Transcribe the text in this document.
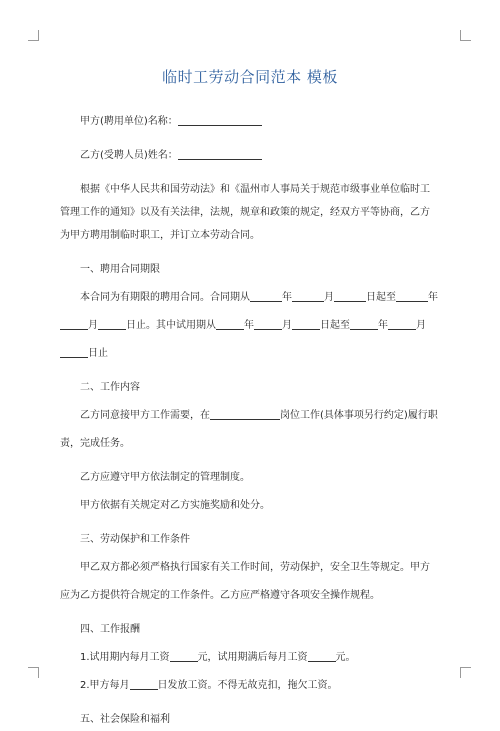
临时工劳动合同范本 模板

甲方(聘用单位)名称：

乙方(受聘人员)姓名：

根据《中华人民共和国劳动法》和《温州市人事局关于规范市级事业单位临时工

管理工作的通知》以及有关法律，法规，规章和政策的规定，经双方平等协商，乙方

为甲方聘用制临时职工，并订立本劳动合同。

一、聘用合同期限

本合同为有期限的聘用合同。合同期从	年	月	日起至	年

月	日止。其中试用期从	年	月	日起至	年	月

日止

二、工作内容

乙方同意接甲方工作需要，在	岗位工作(具体事项另行约定)履行职

责，完成任务。

乙方应遵守甲方依法制定的管理制度。

甲方依据有关规定对乙方实施奖励和处分。

三、劳动保护和工作条件

甲乙双方都必须严格执行国家有关工作时间，劳动保护，安全卫生等规定。甲方

应为乙方提供符合规定的工作条件。乙方应严格遵守各项安全操作规程。

四、工作报酬

1.试用期内每月工资	元，试用期满后每月工资	元。

2.甲方每月	日发放工资。不得无故克扣，拖欠工资。

五、社会保险和福利
